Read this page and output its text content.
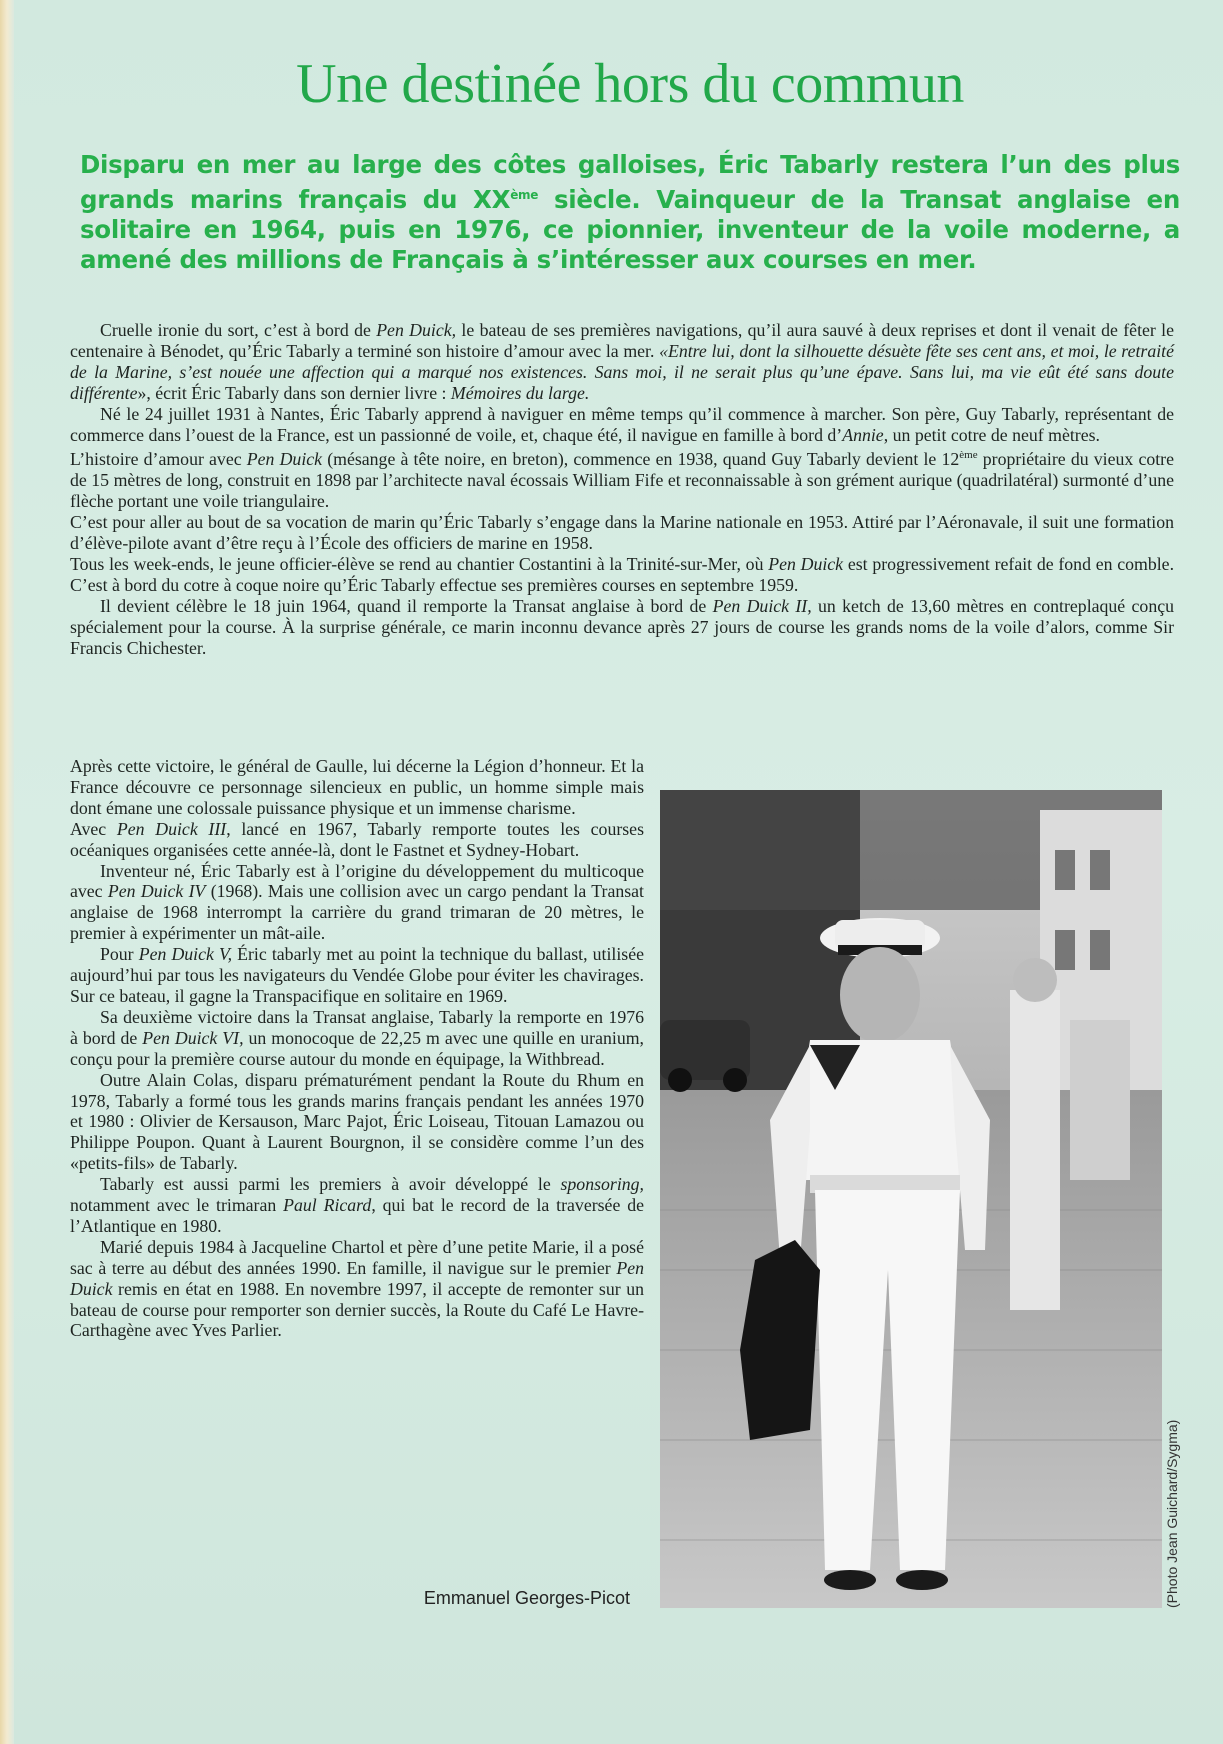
Une destinée hors du commun
Disparu en mer au large des côtes galloises, Éric Tabarly restera l’un des plus grands marins français du XXème siècle. Vainqueur de la Transat anglaise en solitaire en 1964, puis en 1976, ce pionnier, inventeur de la voile moderne, a amené des millions de Français à s’intéresser aux courses en mer.

Cruelle ironie du sort, c’est à bord de Pen Duick, le bateau de ses premières navigations, qu’il aura sauvé à deux reprises et dont il venait de fêter le centenaire à Bénodet, qu’Éric Tabarly a terminé son histoire d’amour avec la mer. «Entre lui, dont la silhouette désuète fête ses cent ans, et moi, le retraité de la Marine, s’est nouée une affection qui a marqué nos existences. Sans moi, il ne serait plus qu’une épave. Sans lui, ma vie eût été sans doute différente», écrit Éric Tabarly dans son dernier livre : Mémoires du large.

Né le 24 juillet 1931 à Nantes, Éric Tabarly apprend à naviguer en même temps qu’il commence à marcher. Son père, Guy Tabarly, représentant de commerce dans l’ouest de la France, est un passionné de voile, et, chaque été, il navigue en famille à bord d’Annie, un petit cotre de neuf mètres.

L’histoire d’amour avec Pen Duick (mésange à tête noire, en breton), commence en 1938, quand Guy Tabarly devient le 12ème propriétaire du vieux cotre de 15 mètres de long, construit en 1898 par l’architecte naval écossais William Fife et reconnaissable à son grément aurique (quadrilatéral) surmonté d’une flèche portant une voile triangulaire.

C’est pour aller au bout de sa vocation de marin qu’Éric Tabarly s’engage dans la Marine nationale en 1953. Attiré par l’Aéronavale, il suit une formation d’élève-pilote avant d’être reçu à l’École des officiers de marine en 1958.

Tous les week-ends, le jeune officier-élève se rend au chantier Costantini à la Trinité-sur-Mer, où Pen Duick est progressivement refait de fond en comble. C’est à bord du cotre à coque noire qu’Éric Tabarly effectue ses premières courses en septembre 1959.

Il devient célèbre le 18 juin 1964, quand il remporte la Transat anglaise à bord de Pen Duick II, un ketch de 13,60 mètres en contreplaqué conçu spécialement pour la course. À la surprise générale, ce marin inconnu devance après 27 jours de course les grands noms de la voile d’alors, comme Sir Francis Chichester.

Après cette victoire, le général de Gaulle, lui décerne la Légion d’honneur. Et la France découvre ce personnage silencieux en public, un homme simple mais dont émane une colossale puissance physique et un immense charisme.

Avec Pen Duick III, lancé en 1967, Tabarly remporte toutes les courses océaniques organisées cette année-là, dont le Fastnet et Sydney-Hobart.

Inventeur né, Éric Tabarly est à l’origine du développement du multicoque avec Pen Duick IV (1968). Mais une collision avec un cargo pendant la Transat anglaise de 1968 interrompt la carrière du grand trimaran de 20 mètres, le premier à expérimenter un mât-aile.

Pour Pen Duick V, Éric tabarly met au point la technique du ballast, utilisée aujourd’hui par tous les navigateurs du Vendée Globe pour éviter les chavirages. Sur ce bateau, il gagne la Transpacifique en solitaire en 1969.

Sa deuxième victoire dans la Transat anglaise, Tabarly la remporte en 1976 à bord de Pen Duick VI, un monocoque de 22,25 m avec une quille en uranium, conçu pour la première course autour du monde en équipage, la Withbread.

Outre Alain Colas, disparu prématurément pendant la Route du Rhum en 1978, Tabarly a formé tous les grands marins français pendant les années 1970 et 1980 : Olivier de Kersauson, Marc Pajot, Éric Loiseau, Titouan Lamazou ou Philippe Poupon. Quant à Laurent Bourgnon, il se considère comme l’un des «petits-fils» de Tabarly.

Tabarly est aussi parmi les premiers à avoir développé le sponsoring, notamment avec le trimaran Paul Ricard, qui bat le record de la traversée de l’Atlantique en 1980.

Marié depuis 1984 à Jacqueline Chartol et père d’une petite Marie, il a posé sac à terre au début des années 1990. En famille, il navigue sur le premier Pen Duick remis en état en 1988. En novembre 1997, il accepte de remonter sur un bateau de course pour remporter son dernier succès, la Route du Café Le Havre-Carthagène avec Yves Parlier.

Emmanuel Georges-Picot	(Photo Jean Guichard/Sygma)
